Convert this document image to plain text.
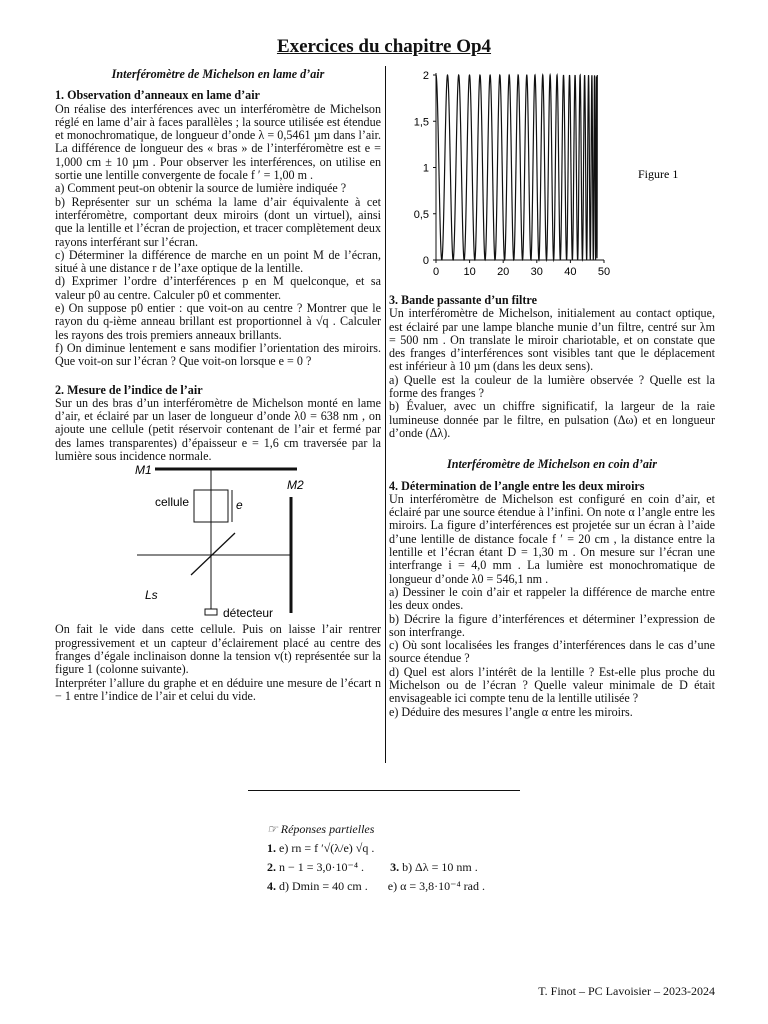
Exercices du chapitre Op4
Interféromètre de Michelson en lame d’air
1. Observation d’anneaux en lame d’air

On réalise des interférences avec un interféromètre de Michelson réglé en lame d’air à faces parallèles ; la source utilisée est étendue et monochromatique, de longueur d’onde λ = 0,5461 µm dans l’air. La différence de longueur des « bras » de l’interféromètre est e = 1,000 cm ± 10 µm . Pour observer les interférences, on utilise en sortie une lentille convergente de focale f ′ = 1,00 m .

a) Comment peut-on obtenir la source de lumière indiquée ?

b) Représenter sur un schéma la lame d’air équivalente à cet interféromètre, comportant deux miroirs (dont un virtuel), ainsi que la lentille et l’écran de projection, et tracer complètement deux rayons interférant sur l’écran.

c) Déterminer la différence de marche en un point M de l’écran, situé à une distance r de l’axe optique de la lentille.

d) Exprimer l’ordre d’interférences p en M quelconque, et sa valeur p0 au centre. Calculer p0 et commenter.

e) On suppose p0 entier : que voit-on au centre ? Montrer que le rayon du q-ième anneau brillant est proportionnel à √q . Calculer les rayons des trois premiers anneaux brillants.

f) On diminue lentement e sans modifier l’orientation des miroirs. Que voit-on sur l’écran ? Que voit-on lorsque e = 0 ?

2. Mesure de l’indice de l’air

Sur un des bras d’un interféromètre de Michelson monté en lame d’air, et éclairé par un laser de longueur d’onde λ0 = 638 nm , on ajoute une cellule (petit réservoir contenant de l’air et fermé par des lames transparentes) d’épaisseur e = 1,6 cm traversée par la lumière sous incidence normale.

M1
cellule	e
M2
Ls
détecteur

On fait le vide dans cette cellule. Puis on laisse l’air rentrer progressivement et un capteur d’éclairement placé au centre des franges d’égale inclinaison donne la tension v(t) représentée sur la figure 1 (colonne suivante).

Interpréter l’allure du graphe et en déduire une mesure de l’écart n − 1 entre l’indice de l’air et celui du vide.

0
0,5
1
1,5
2
0 10 20 30 40 50
Figure 1
3. Bande passante d’un filtre

Un interféromètre de Michelson, initialement au contact optique, est éclairé par une lampe blanche munie d’un filtre, centré sur λm = 500 nm . On translate le miroir chariotable, et on constate que des franges d’interférences sont visibles tant que le déplacement est inférieur à 10 µm (dans les deux sens).

a) Quelle est la couleur de la lumière observée ? Quelle est la forme des franges ?

b) Évaluer, avec un chiffre significatif, la largeur de la raie lumineuse donnée par le filtre, en pulsation (Δω) et en longueur d’onde (Δλ).

Interféromètre de Michelson en coin d’air
4. Détermination de l’angle entre les deux miroirs

Un interféromètre de Michelson est configuré en coin d’air, et éclairé par une source étendue à l’infini. On note α l’angle entre les miroirs. La figure d’interférences est projetée sur un écran à l’aide d’une lentille de distance focale f ′ = 20 cm , la distance entre la lentille et l’écran étant D = 1,30 m . On mesure sur l’écran une interfrange i = 4,0 mm . La lumière est monochromatique de longueur d’onde λ0 = 546,1 nm .

a) Dessiner le coin d’air et rappeler la différence de marche entre les deux ondes.

b) Décrire la figure d’interférences et déterminer l’expression de son interfrange.

c) Où sont localisées les franges d’interférences dans le cas d’une source étendue ?

d) Quel est alors l’intérêt de la lentille ? Est-elle plus proche du Michelson ou de l’écran ? Quelle valeur minimale de D était envisageable ici compte tenu de la lentille utilisée ?

e) Déduire des mesures l’angle α entre les miroirs.

☞ Réponses partielles
1. e) rn = f ′√(λ/e) √q .
2. n − 1 = 3,0·10⁻⁴ . 3. b) Δλ = 10 nm .
4. d) Dmin = 40 cm . e) α = 3,8·10⁻⁴ rad .
T. Finot – PC Lavoisier – 2023-2024
